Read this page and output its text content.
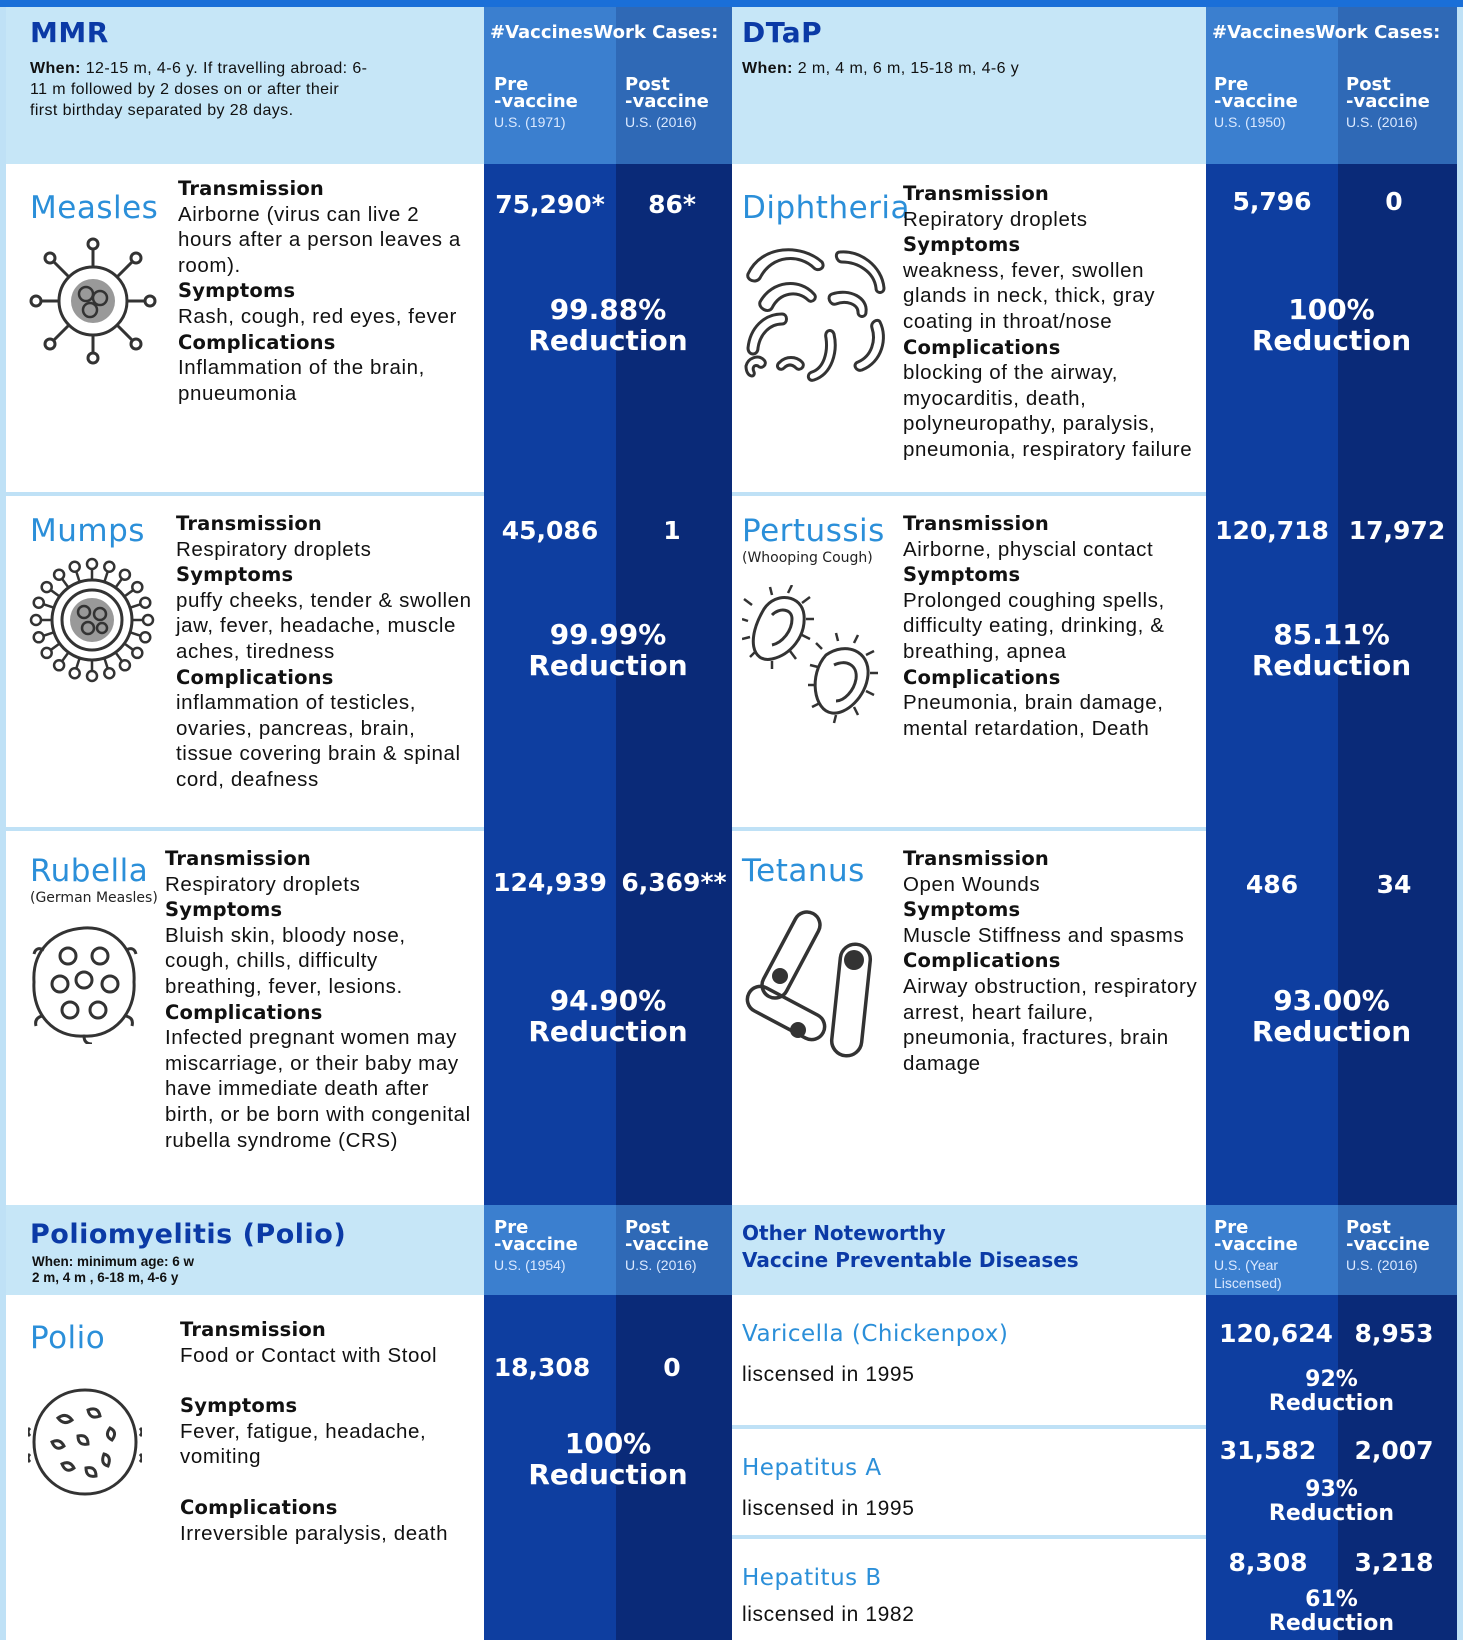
MMR
When: 12-15 m, 4-6 y. If travelling abroad: 6-11 m followed by 2 doses on or after their first birthday separated by 28 days.
#VaccinesWork Cases:
Pre
-vaccine
U.S. (1971)
Post
-vaccine
U.S. (2016)
DTaP
When: 2 m, 4 m, 6 m, 15-18 m, 4-6 y
#VaccinesWork Cases:
Pre
-vaccine
U.S. (1950)
Post
-vaccine
U.S. (2016)
Measles
Transmission
Airborne (virus can live 2 hours after a person leaves a room).
Symptoms
Rash, cough, red eyes, fever
Complications
Inflammation of the brain, pnueumonia
75,290*	86*
99.88%
Reduction
Mumps Transmission
Respiratory droplets
Symptoms
puffy cheeks, tender & swollen jaw, fever, headache, muscle aches, tiredness
Complications
inflammation of testicles, ovaries, pancreas, brain, tissue covering brain & spinal cord, deafness
45,086	1
99.99%
Reduction
Rubella
(German Measles)
Transmission
Respiratory droplets
Symptoms
Bluish skin, bloody nose, cough, chills, difficulty breathing, fever, lesions.
Complications
Infected pregnant women may miscarriage, or their baby may have immediate death after birth, or be born with congenital rubella syndrome (CRS)
124,939 6,369**
94.90%
Reduction
Diphtheria
Transmission
Repiratory droplets
Symptoms
weakness, fever, swollen glands in neck, thick, gray coating in throat/nose
Complications
blocking of the airway, myocarditis, death, polyneuropathy, paralysis, pneumonia, respiratory failure
5,796	0
100%
Reduction
Pertussis
(Whooping Cough)
Transmission
Airborne, physcial contact
Symptoms
Prolonged coughing spells, difficulty eating, drinking, & breathing, apnea
Complications
Pneumonia, brain damage, mental retardation, Death
120,718 17,972
85.11%
Reduction
Tetanus Transmission
Open Wounds
Symptoms
Muscle Stiffness and spasms
Complications
Airway obstruction, respiratory arrest, heart failure, pneumonia, fractures, brain damage
486	34
93.00%
Reduction
Poliomyelitis (Polio)
When: minimum age: 6 w
2 m, 4 m , 6-18 m, 4-6 y
Pre
-vaccine
U.S. (1954)
Post
-vaccine
U.S. (2016)
Other Noteworthy
Vaccine Preventable Diseases
Pre
-vaccine
U.S. (Year Liscensed)
Post
-vaccine
U.S. (2016)
Polio	Transmission
Food or Contact with Stool
Symptoms
Fever, fatigue, headache, vomiting
Complications
Irreversible paralysis, death
18,308	0
100%
Reduction
Varicella (Chickenpox)
liscensed in 1995
120,624 8,953
92%
Reduction
Hepatitus A
liscensed in 1995
31,582	2,007
93%
Reduction
Hepatitus B
liscensed in 1982
8,308	3,218
61%
Reduction
